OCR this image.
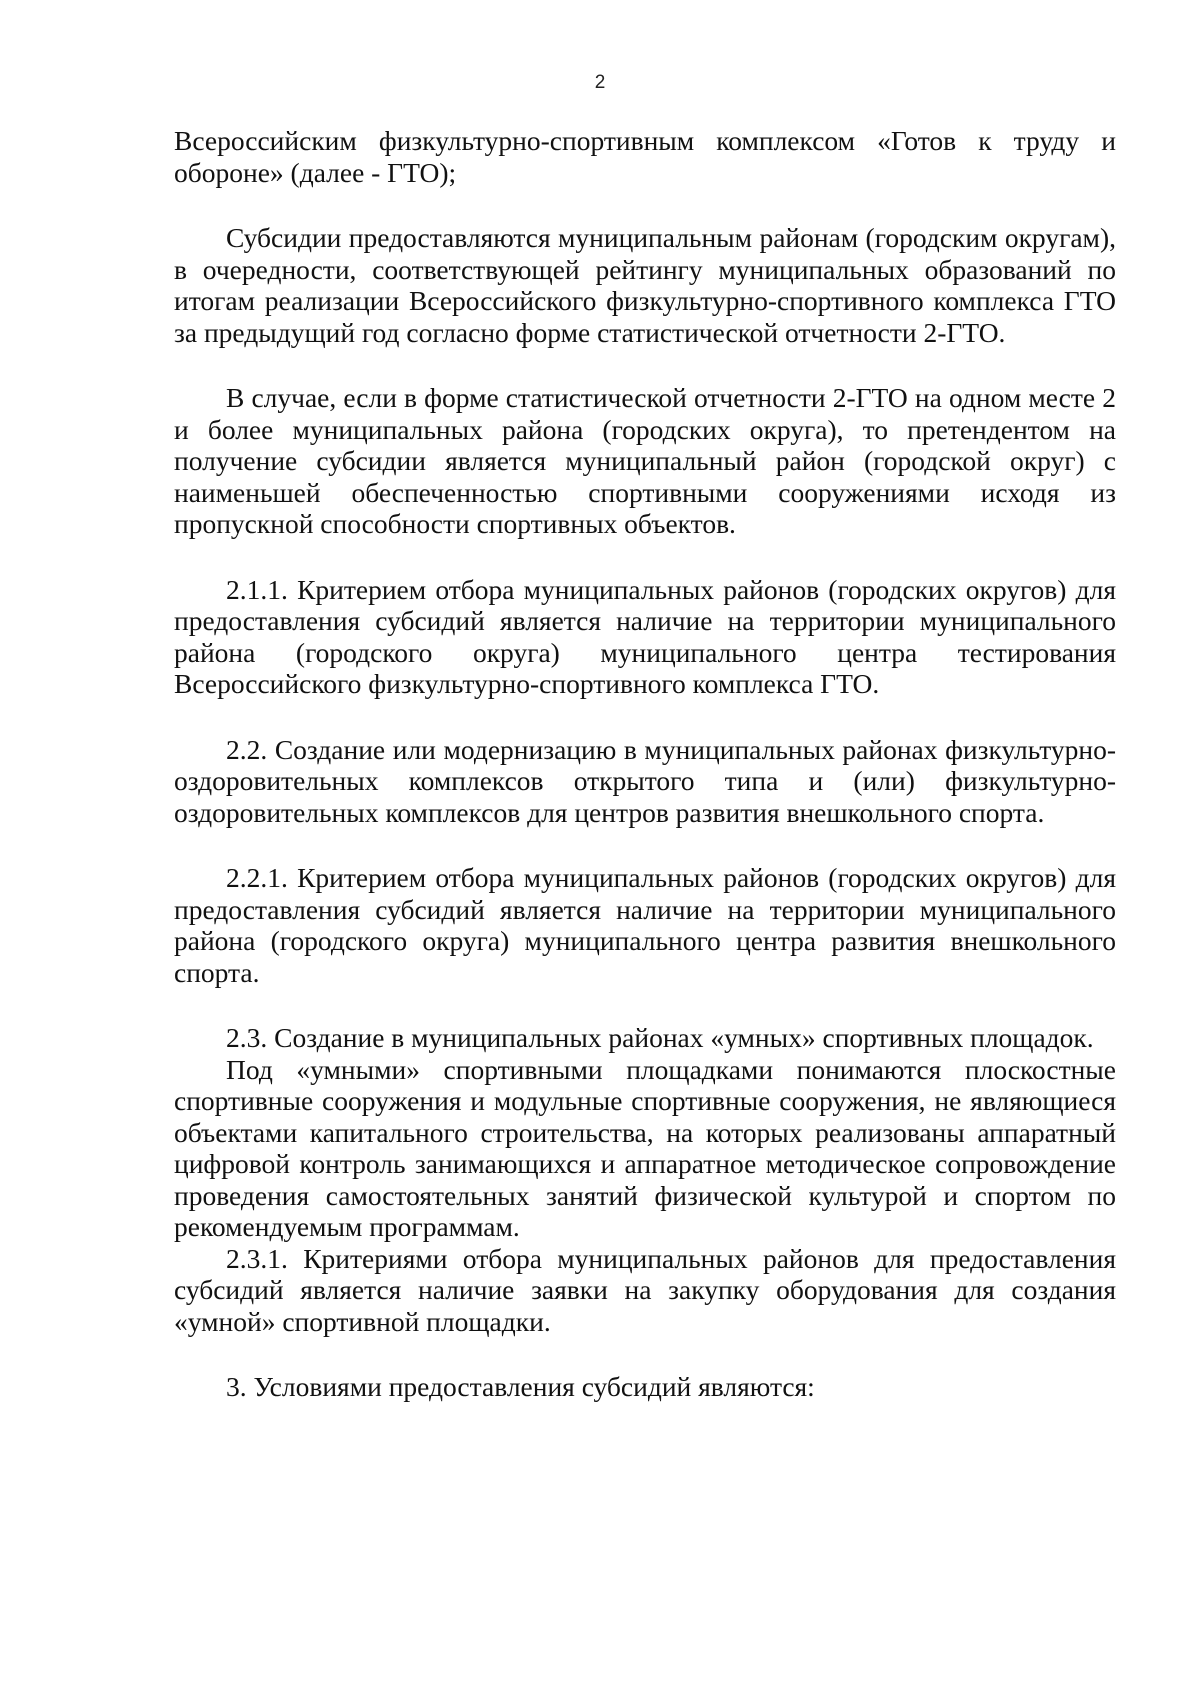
2

Всероссийским физкультурно-спортивным комплексом «Готов к труду и обороне» (далее - ГТО);

Субсидии предоставляются муниципальным районам (городским округам), в очередности, соответствующей рейтингу муниципальных образований по итогам реализации Всероссийского физкультурно-спортивного комплекса ГТО за предыдущий год согласно форме статистической отчетности 2-ГТО.

В случае, если в форме статистической отчетности 2-ГТО на одном месте 2 и более муниципальных района (городских округа), то претендентом на получение субсидии является муниципальный район (городской округ) с наименьшей обеспеченностью спортивными сооружениями исходя из пропускной способности спортивных объектов.

2.1.1. Критерием отбора муниципальных районов (городских округов) для предоставления субсидий является наличие на территории муниципального района (городского округа) муниципального центра тестирования Всероссийского физкультурно-спортивного комплекса ГТО.

2.2. Создание или модернизацию в муниципальных районах физкультурно-оздоровительных комплексов открытого типа и (или) физкультурно-оздоровительных комплексов для центров развития внешкольного спорта.

2.2.1. Критерием отбора муниципальных районов (городских округов) для предоставления субсидий является наличие на территории муниципального района (городского округа) муниципального центра развития внешкольного спорта.

2.3. Создание в муниципальных районах «умных» спортивных площадок.

Под «умными» спортивными площадками понимаются плоскостные спортивные сооружения и модульные спортивные сооружения, не являющиеся объектами капитального строительства, на которых реализованы аппаратный цифровой контроль занимающихся и аппаратное методическое сопровождение проведения самостоятельных занятий физической культурой и спортом по рекомендуемым программам.

2.3.1. Критериями отбора муниципальных районов для предоставления субсидий является наличие заявки на закупку оборудования для создания «умной» спортивной площадки.

3. Условиями предоставления субсидий являются:
